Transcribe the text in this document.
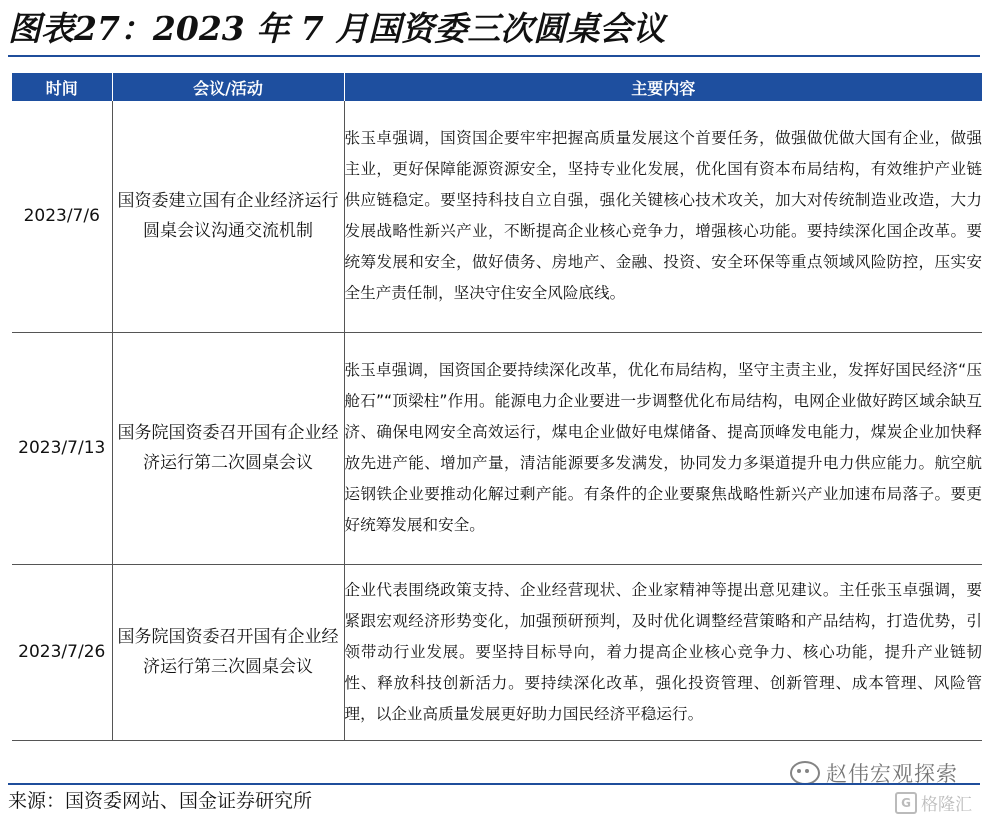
图表27：2023 年 7 月国资委三次圆桌会议
时间	会议/活动	主要内容
2023/7/6	国资委建立国有企业经济运行圆桌会议沟通交流机制	张玉卓强调，国资国企要牢牢把握高质量发展这个首要任务，做强做优做大国有企业，做强主业，更好保障能源资源安全，坚持专业化发展，优化国有资本布局结构，有效维护产业链供应链稳定。要坚持科技自立自强，强化关键核心技术攻关，加大对传统制造业改造，大力发展战略性新兴产业，不断提高企业核心竞争力，增强核心功能。要持续深化国企改革。要统筹发展和安全，做好债务、房地产、金融、投资、安全环保等重点领域风险防控，压实安全生产责任制，坚决守住安全风险底线。
2023/7/13	国务院国资委召开国有企业经济运行第二次圆桌会议	张玉卓强调，国资国企要持续深化改革，优化布局结构，坚守主责主业，发挥好国民经济“压舱石”“顶梁柱”作用。能源电力企业要进一步调整优化布局结构，电网企业做好跨区域余缺互济、确保电网安全高效运行，煤电企业做好电煤储备、提高顶峰发电能力，煤炭企业加快释放先进产能、增加产量，清洁能源要多发满发，协同发力多渠道提升电力供应能力。航空航运钢铁企业要推动化解过剩产能。有条件的企业要聚焦战略性新兴产业加速布局落子。要更好统筹发展和安全。
2023/7/26	国务院国资委召开国有企业经济运行第三次圆桌会议	企业代表围绕政策支持、企业经营现状、企业家精神等提出意见建议。主任张玉卓强调，要紧跟宏观经济形势变化，加强预研预判，及时优化调整经营策略和产品结构，打造优势，引领带动行业发展。要坚持目标导向，着力提高企业核心竞争力、核心功能，提升产业链韧性、释放科技创新活力。要持续深化改革，强化投资管理、创新管理、成本管理、风险管理，以企业高质量发展更好助力国民经济平稳运行。
赵伟宏观探索
来源：国资委网站、国金证券研究所	G 格隆汇
